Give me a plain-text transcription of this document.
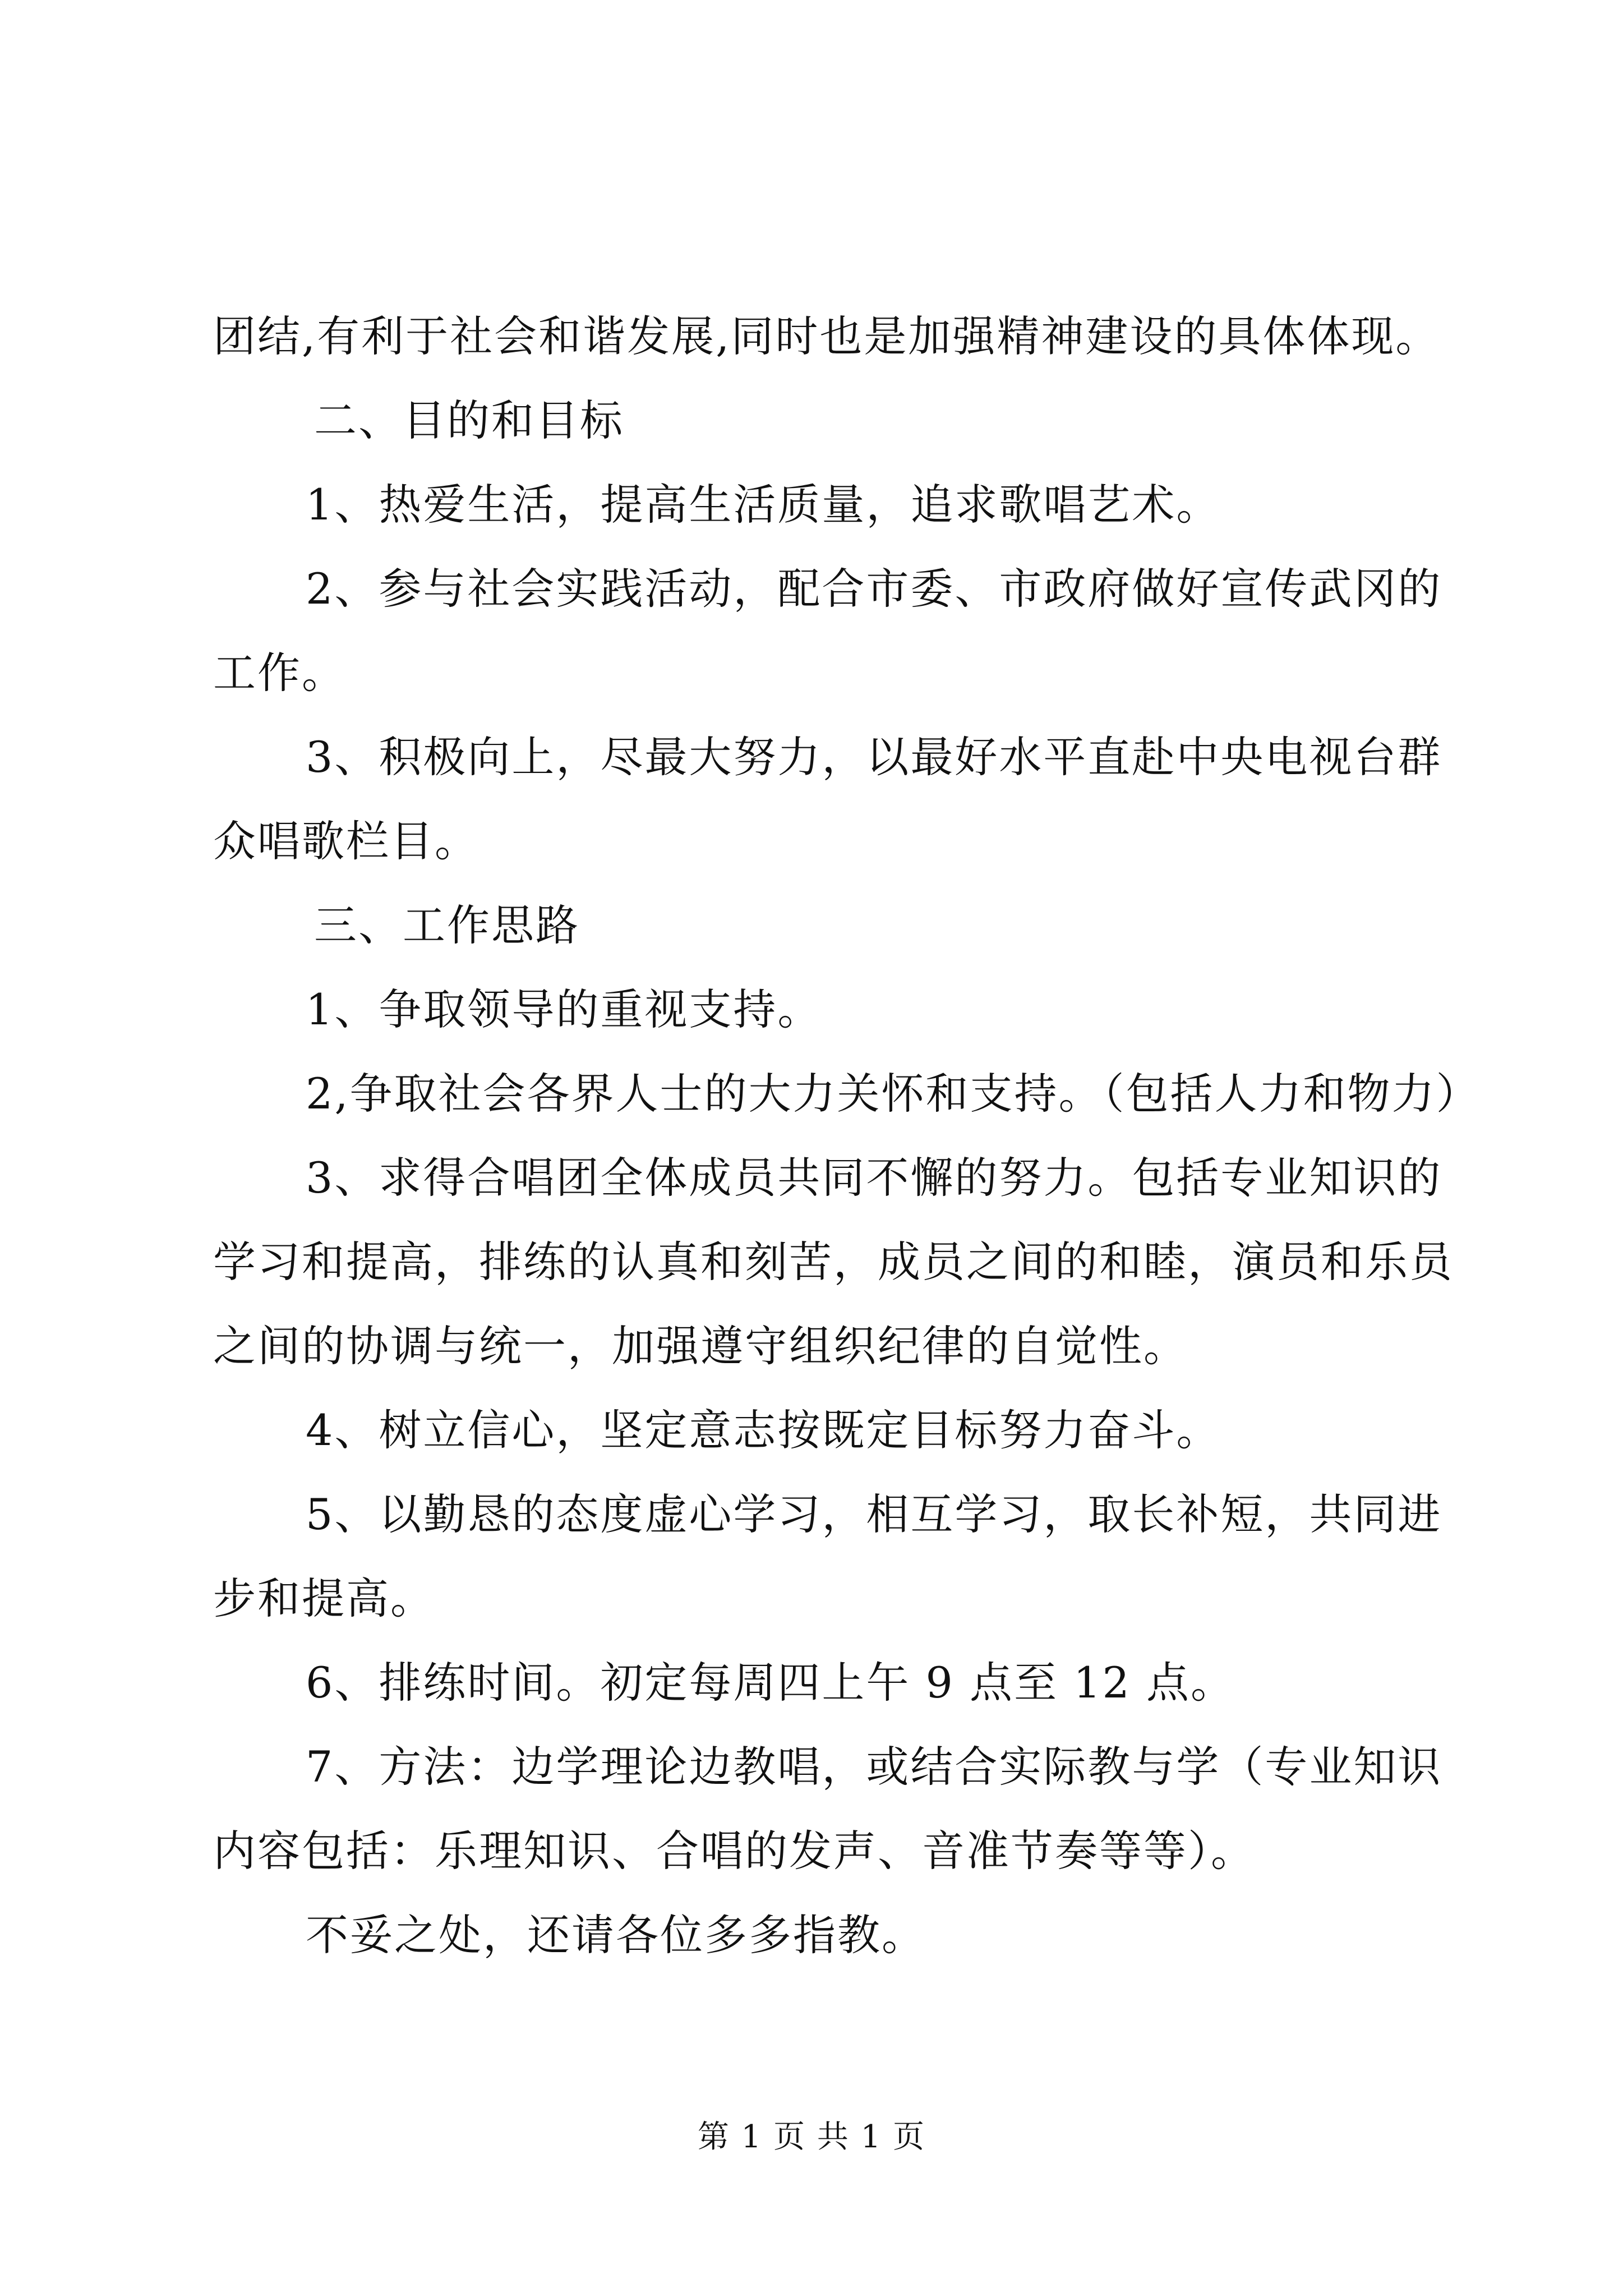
团结,有利于社会和谐发展,同时也是加强精神建设的具体体现。
二、目的和目标
1、热爱生活，提高生活质量，追求歌唱艺术。
2、参与社会实践活动，配合市委、市政府做好宣传武冈的
工作。
3、积极向上，尽最大努力，以最好水平直赴中央电视台群
众唱歌栏目。
三、工作思路
1、争取领导的重视支持。
2,争取社会各界人士的大力关怀和支持。（包括人力和物力）
3、求得合唱团全体成员共同不懈的努力。包括专业知识的
学习和提高，排练的认真和刻苦，成员之间的和睦，演员和乐员
之间的协调与统一，加强遵守组织纪律的自觉性。
4、树立信心，坚定意志按既定目标努力奋斗。
5、以勤恳的态度虚心学习，相互学习，取长补短，共同进
步和提高。
6、排练时间。初定每周四上午 9 点至 12 点。
7、方法：边学理论边教唱，或结合实际教与学（专业知识
内容包括：乐理知识、合唱的发声、音准节奏等等）。
不妥之处，还请各位多多指教。
第 1 页 共 1 页
